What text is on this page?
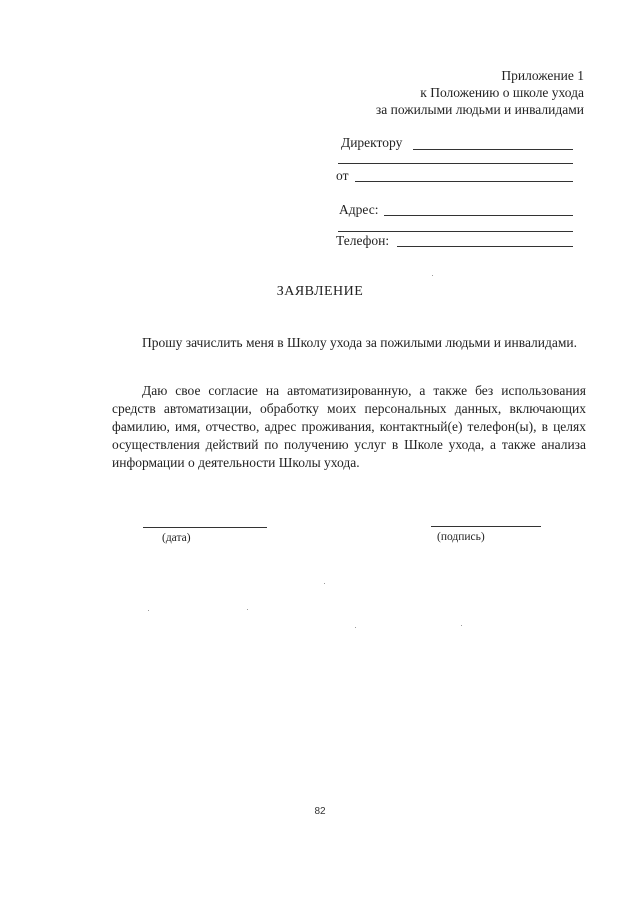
Приложение 1
к Положению о школе ухода
за пожилыми людьми и инвалидами
Директору
от
Адрес:
Телефон:
ЗАЯВЛЕНИЕ
Прошу зачислить меня в Школу ухода за пожилыми людьми и инвалидами.
Даю свое согласие на автоматизированную, а также без использования средств автоматизации, обработку моих персональных данных, включающих фамилию, имя, отчество, адрес проживания, контактный(е) телефон(ы), в целях осуществления действий по получению услуг в Школе ухода, а также анализа информации о деятельности Школы ухода.
(дата)	(подпись)
82
